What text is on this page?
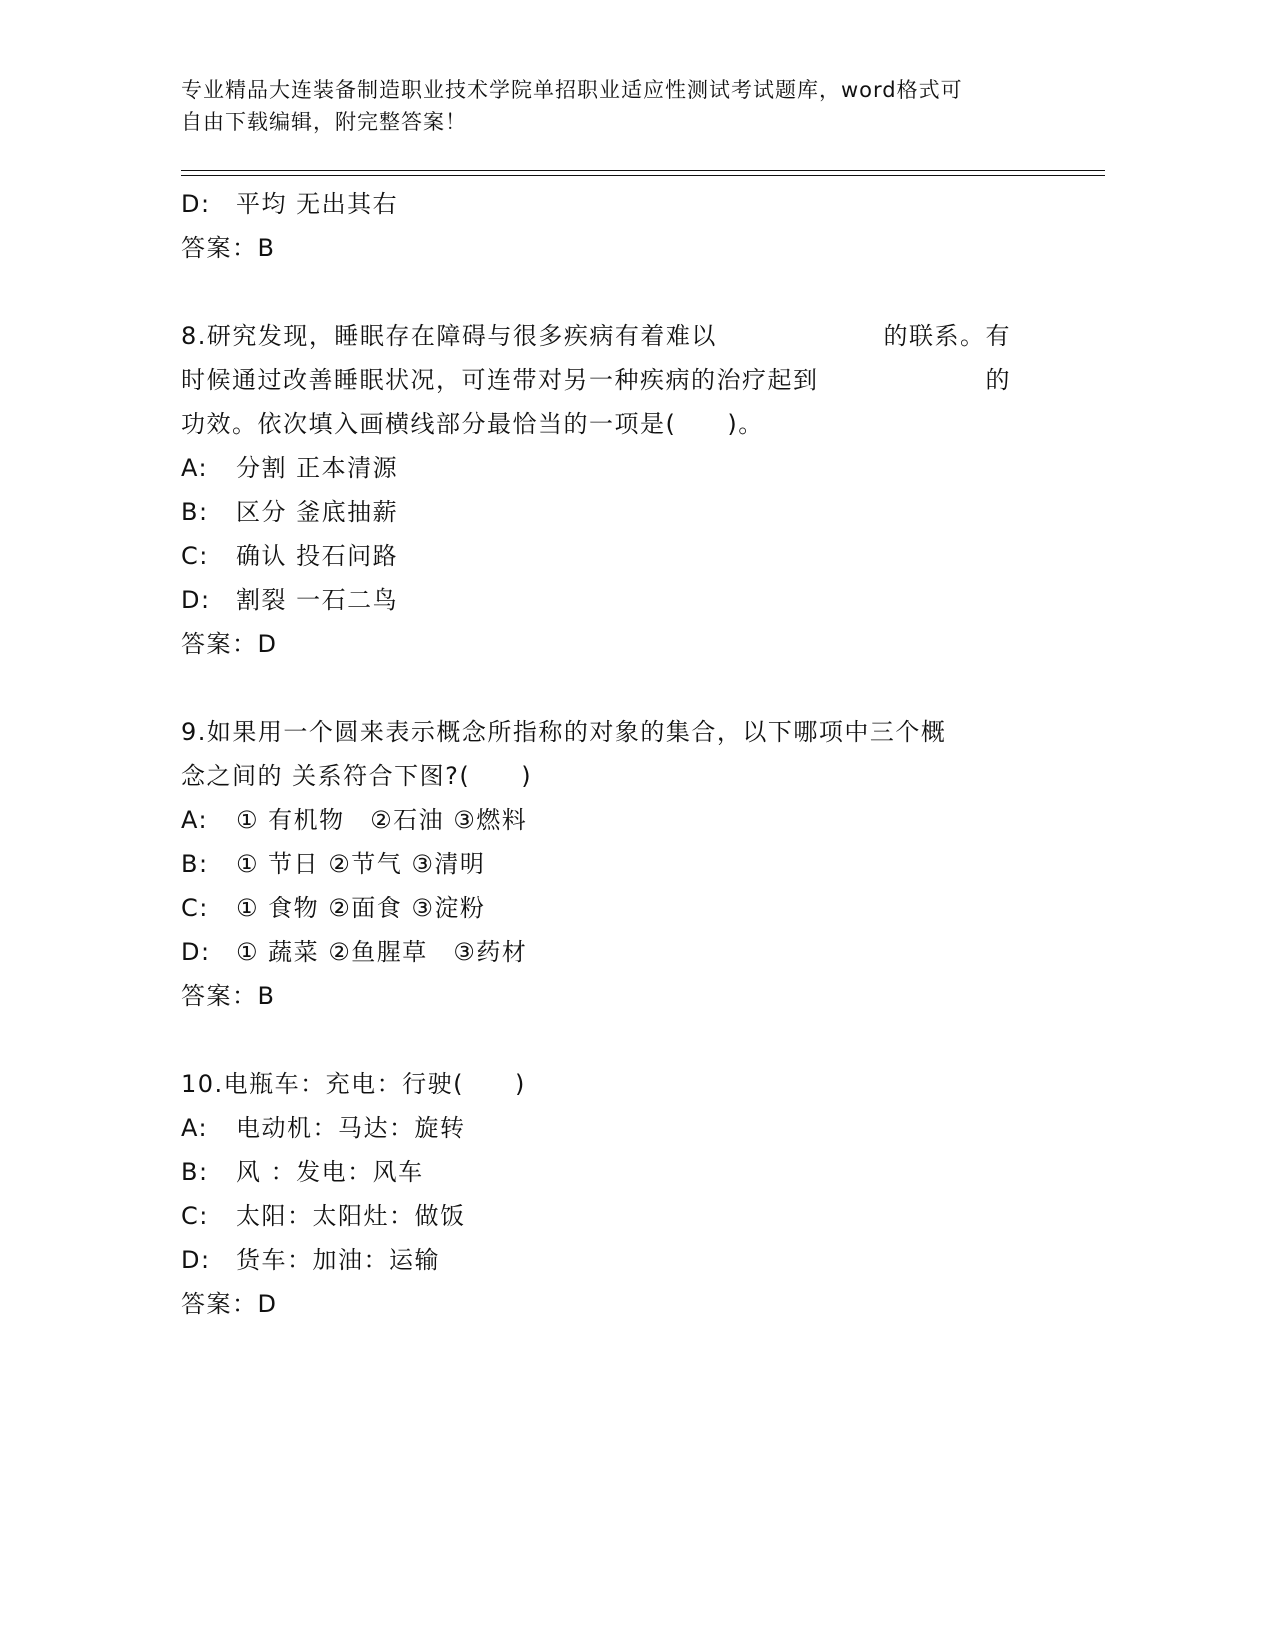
专业精品大连装备制造职业技术学院单招职业适应性测试考试题库，word格式可
自由下载编辑，附完整答案！
D:	平均 无出其右
答案：B
8.研究发现，睡眠存在障碍与很多疾病有着难以	的联系。有
时候通过改善睡眠状况，可连带对另一种疾病的治疗起到	的
功效。依次填入画横线部分最恰当的一项是(　　)。
A:	分割 正本清源
B:	区分 釜底抽薪
C:	确认 投石问路
D:	割裂 一石二鸟
答案：D
9.如果用一个圆来表示概念所指称的对象的集合，以下哪项中三个概
念之间的 关系符合下图?(　　)
A:	① 有机物　②石油 ③燃料
B:	① 节日 ②节气 ③清明
C:	① 食物 ②面食 ③淀粉
D:	① 蔬菜 ②鱼腥草　③药材
答案：B
10.电瓶车：充电：行驶(　　)
A:	电动机：马达：旋转
B:	风 ：发电：风车
C:	太阳：太阳灶：做饭
D:	货车：加油：运输
答案：D
